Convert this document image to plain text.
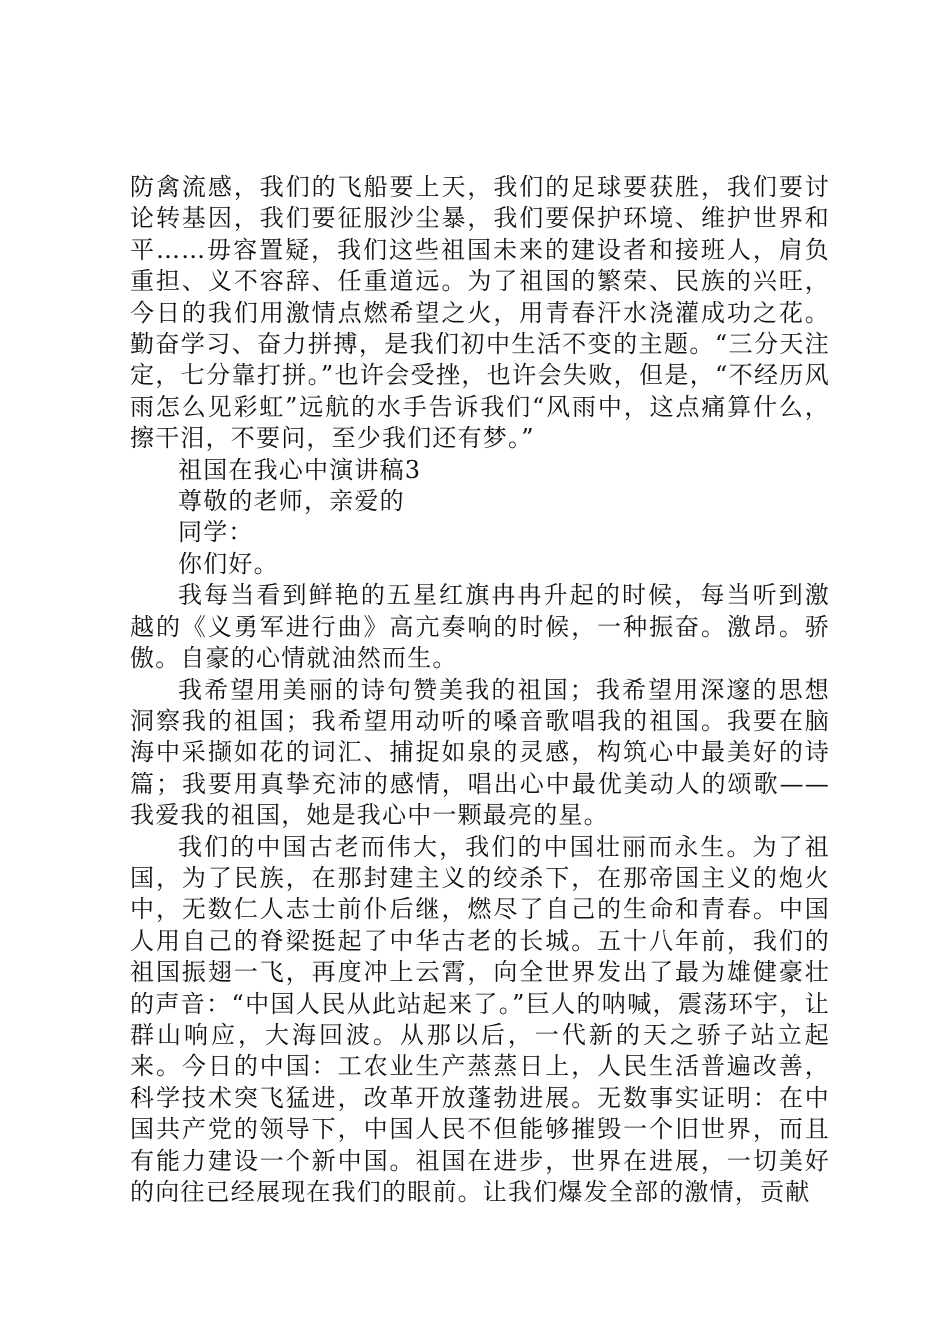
防禽流感，我们的飞船要上天，我们的足球要获胜，我们要讨论转基因，我们要征服沙尘暴，我们要保护环境、维护世界和平……毋容置疑，我们这些祖国未来的建设者和接班人，肩负重担、义不容辞、任重道远。为了祖国的繁荣、民族的兴旺，今日的我们用激情点燃希望之火，用青春汗水浇灌成功之花。勤奋学习、奋力拼搏，是我们初中生活不变的主题。“三分天注定，七分靠打拼。”也许会受挫，也许会失败，但是，“不经历风雨怎么见彩虹”远航的水手告诉我们“风雨中，这点痛算什么，擦干泪，不要问，至少我们还有梦。”

祖国在我心中演讲稿3

尊敬的老师，亲爱的

同学：

你们好。

我每当看到鲜艳的五星红旗冉冉升起的时候，每当听到激越的《义勇军进行曲》高亢奏响的时候，一种振奋。激昂。骄傲。自豪的心情就油然而生。

我希望用美丽的诗句赞美我的祖国；我希望用深邃的思想洞察我的祖国；我希望用动听的嗓音歌唱我的祖国。我要在脑海中采撷如花的词汇、捕捉如泉的灵感，构筑心中最美好的诗篇；我要用真挚充沛的感情，唱出心中最优美动人的颂歌——我爱我的祖国，她是我心中一颗最亮的星。

我们的中国古老而伟大，我们的中国壮丽而永生。为了祖国，为了民族，在那封建主义的绞杀下，在那帝国主义的炮火中，无数仁人志士前仆后继，燃尽了自己的生命和青春。中国人用自己的脊梁挺起了中华古老的长城。五十八年前，我们的祖国振翅一飞，再度冲上云霄，向全世界发出了最为雄健豪壮的声音：“中国人民从此站起来了。”巨人的呐喊，震荡环宇，让群山响应，大海回波。从那以后，一代新的天之骄子站立起来。今日的中国：工农业生产蒸蒸日上，人民生活普遍改善，科学技术突飞猛进，改革开放蓬勃进展。无数事实证明：在中国共产党的领导下，中国人民不但能够摧毁一个旧世界，而且有能力建设一个新中国。祖国在进步，世界在进展，一切美好的向往已经展现在我们的眼前。让我们爆发全部的激情，贡献
